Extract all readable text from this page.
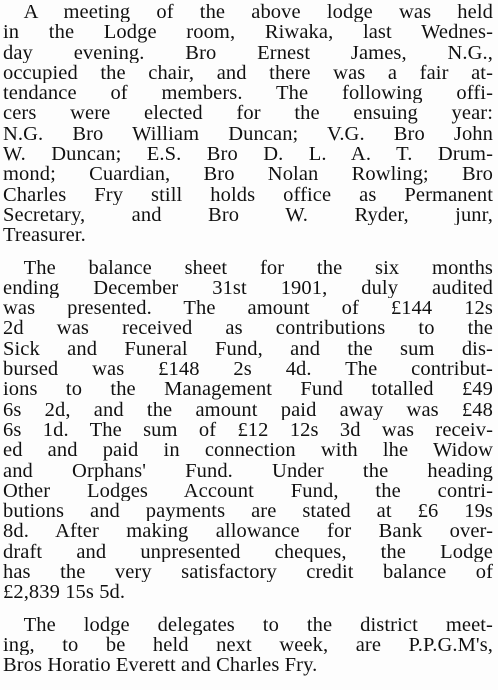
 A meeting of the above lodge was held
in the Lodge room, Riwaka, last Wednes-
day evening. Bro Ernest James, N.G.,
occupied the chair, and there was a fair at-
tendance of members. The following offi-
cers were elected for the ensuing year:
N.G. Bro William Duncan; V.G. Bro John
W. Duncan; E.S. Bro D. L. A. T. Drum-
mond; Cuardian, Bro Nolan Rowling; Bro
Charles Fry still holds office as Permanent
Secretary, and Bro W. Ryder, junr,
Treasurer.
 The balance sheet for the six months
ending December 31st 1901, duly audited
was presented. The amount of £144 12s
2d was received as contributions to the
Sick and Funeral Fund, and the sum dis-
bursed was £148 2s 4d. The contribut-
ions to the Management Fund totalled £49
6s 2d, and the amount paid away was £48
6s 1d. The sum of £12 12s 3d was receiv-
ed and paid in connection with lhe Widow
and Orphans' Fund. Under the heading
Other Lodges Account Fund, the contri-
butions and payments are stated at £6 19s
8d. After making allowance for Bank over-
draft and unpresented cheques, the Lodge
has the very satisfactory credit balance of
£2,839 15s 5d.
 The lodge delegates to the district meet-
ing, to be held next week, are P.P.G.M's,
Bros Horatio Everett and Charles Fry.
